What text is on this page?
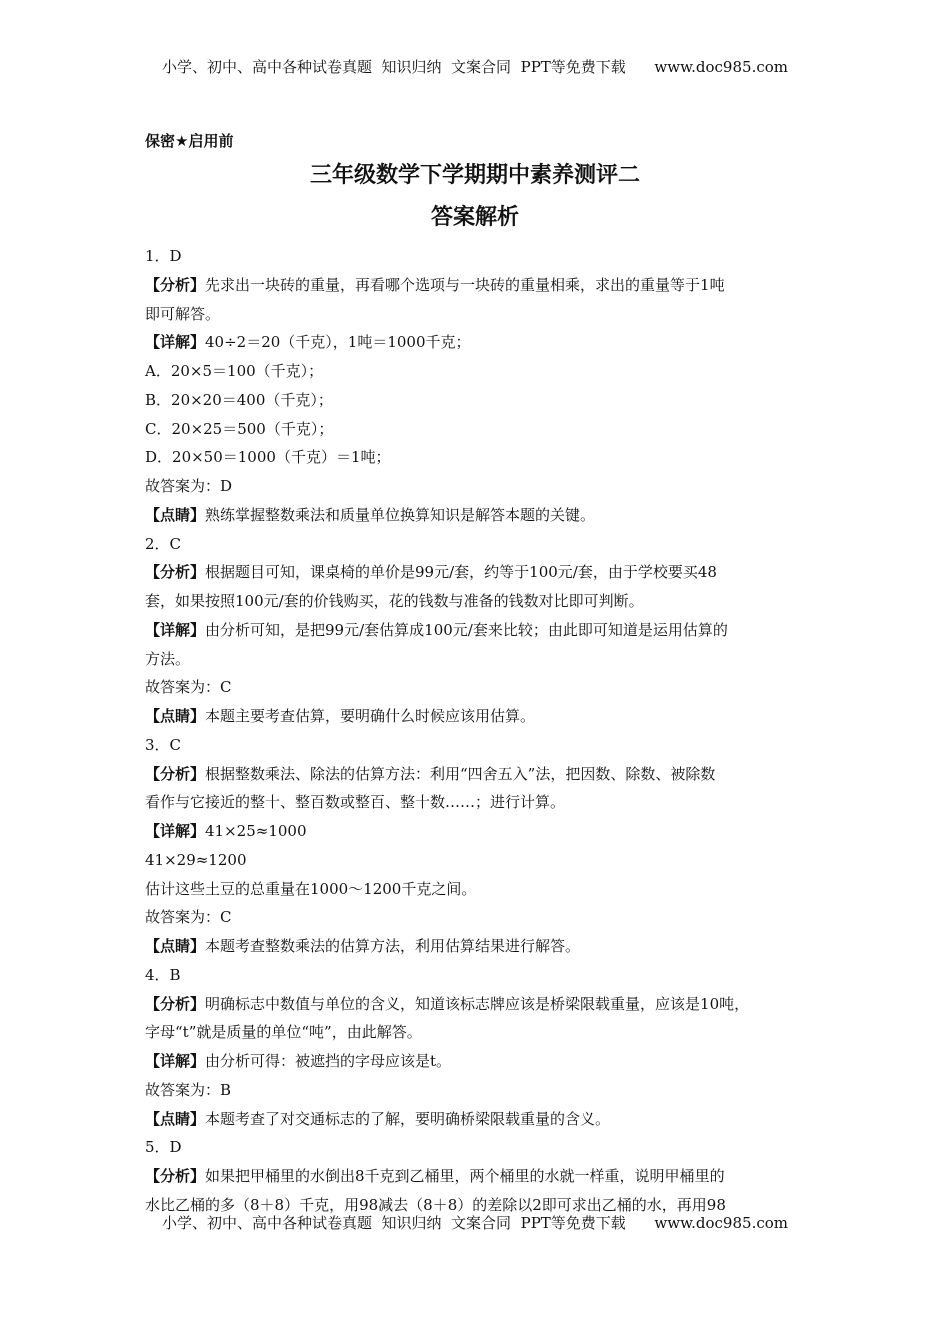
小学、初中、高中各种试卷真题  知识归纳  文案合同  PPT等免费下载      www.doc985.com
保密★启用前
三年级数学下学期期中素养测评二
答案解析
1．D
【分析】先求出一块砖的重量，再看哪个选项与一块砖的重量相乘，求出的重量等于1吨
即可解答。
【详解】40÷2＝20（千克），1吨＝1000千克；
A．20×5＝100（千克）；
B．20×20＝400（千克）；
C．20×25＝500（千克）；
D．20×50＝1000（千克）＝1吨；
故答案为：D
【点睛】熟练掌握整数乘法和质量单位换算知识是解答本题的关键。
2．C
【分析】根据题目可知，课桌椅的单价是99元/套，约等于100元/套，由于学校要买48
套，如果按照100元/套的价钱购买，花的钱数与准备的钱数对比即可判断。
【详解】由分析可知，是把99元/套估算成100元/套来比较；由此即可知道是运用估算的
方法。
故答案为：C
【点睛】本题主要考查估算，要明确什么时候应该用估算。
3．C
【分析】根据整数乘法、除法的估算方法：利用“四舍五入”法，把因数、除数、被除数
看作与它接近的整十、整百数或整百、整十数……；进行计算。
【详解】41×25≈1000
41×29≈1200
估计这些土豆的总重量在1000～1200千克之间。
故答案为：C
【点睛】本题考查整数乘法的估算方法，利用估算结果进行解答。
4．B
【分析】明确标志中数值与单位的含义，知道该标志牌应该是桥梁限载重量，应该是10吨，
字母“t”就是质量的单位“吨”，由此解答。
【详解】由分析可得：被遮挡的字母应该是t。
故答案为：B
【点睛】本题考查了对交通标志的了解，要明确桥梁限载重量的含义。
5．D
【分析】如果把甲桶里的水倒出8千克到乙桶里，两个桶里的水就一样重，说明甲桶里的
水比乙桶的多（8＋8）千克，用98减去（8＋8）的差除以2即可求出乙桶的水，再用98
小学、初中、高中各种试卷真题  知识归纳  文案合同  PPT等免费下载      www.doc985.com
